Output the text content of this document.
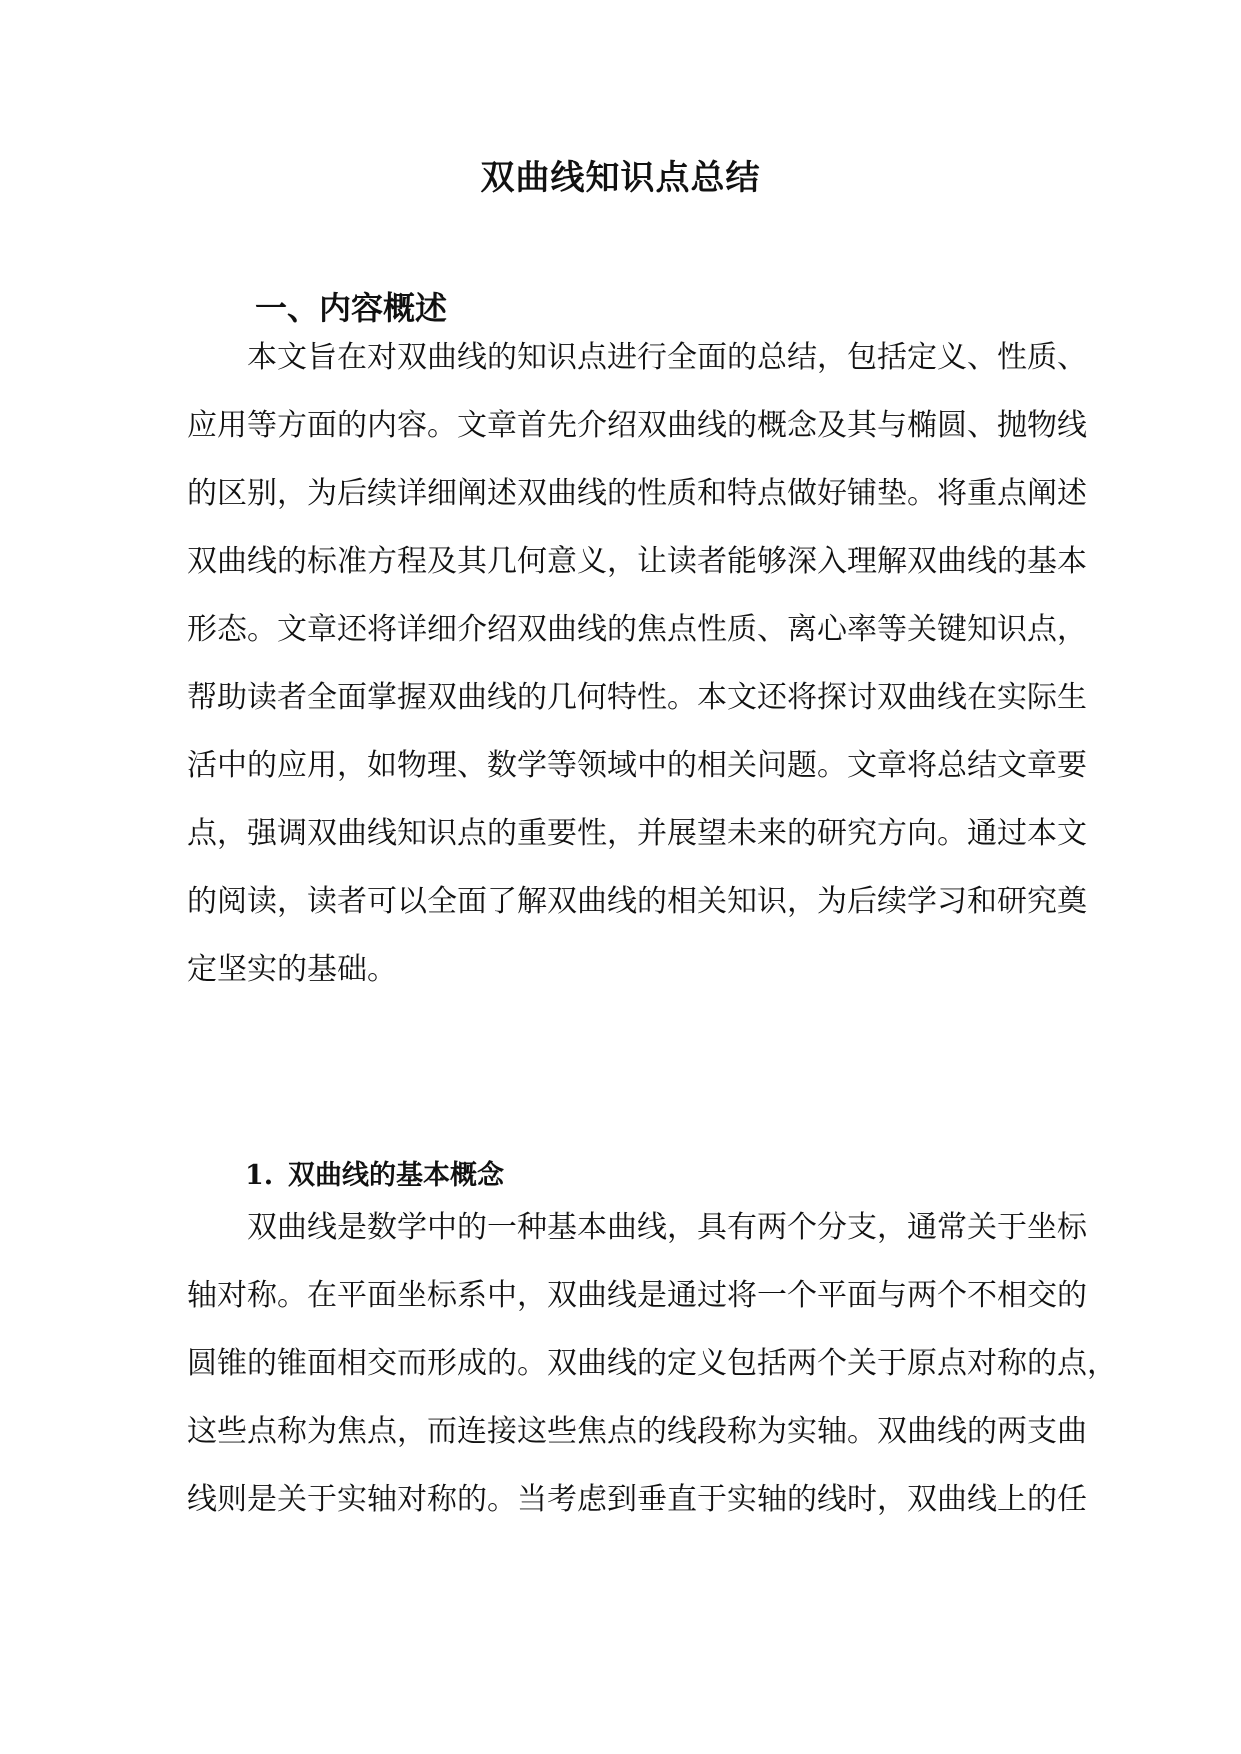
双曲线知识点总结
一、内容概述
本文旨在对双曲线的知识点进行全面的总结，包括定义、性质、
应用等方面的内容。文章首先介绍双曲线的概念及其与椭圆、抛物线
的区别，为后续详细阐述双曲线的性质和特点做好铺垫。将重点阐述
双曲线的标准方程及其几何意义，让读者能够深入理解双曲线的基本
形态。文章还将详细介绍双曲线的焦点性质、离心率等关键知识点，
帮助读者全面掌握双曲线的几何特性。本文还将探讨双曲线在实际生
活中的应用，如物理、数学等领域中的相关问题。文章将总结文章要
点，强调双曲线知识点的重要性，并展望未来的研究方向。通过本文
的阅读，读者可以全面了解双曲线的相关知识，为后续学习和研究奠
定坚实的基础。
1. 双曲线的基本概念
双曲线是数学中的一种基本曲线，具有两个分支，通常关于坐标
轴对称。在平面坐标系中，双曲线是通过将一个平面与两个不相交的
圆锥的锥面相交而形成的。双曲线的定义包括两个关于原点对称的点，
这些点称为焦点，而连接这些焦点的线段称为实轴。双曲线的两支曲
线则是关于实轴对称的。当考虑到垂直于实轴的线时，双曲线上的任
